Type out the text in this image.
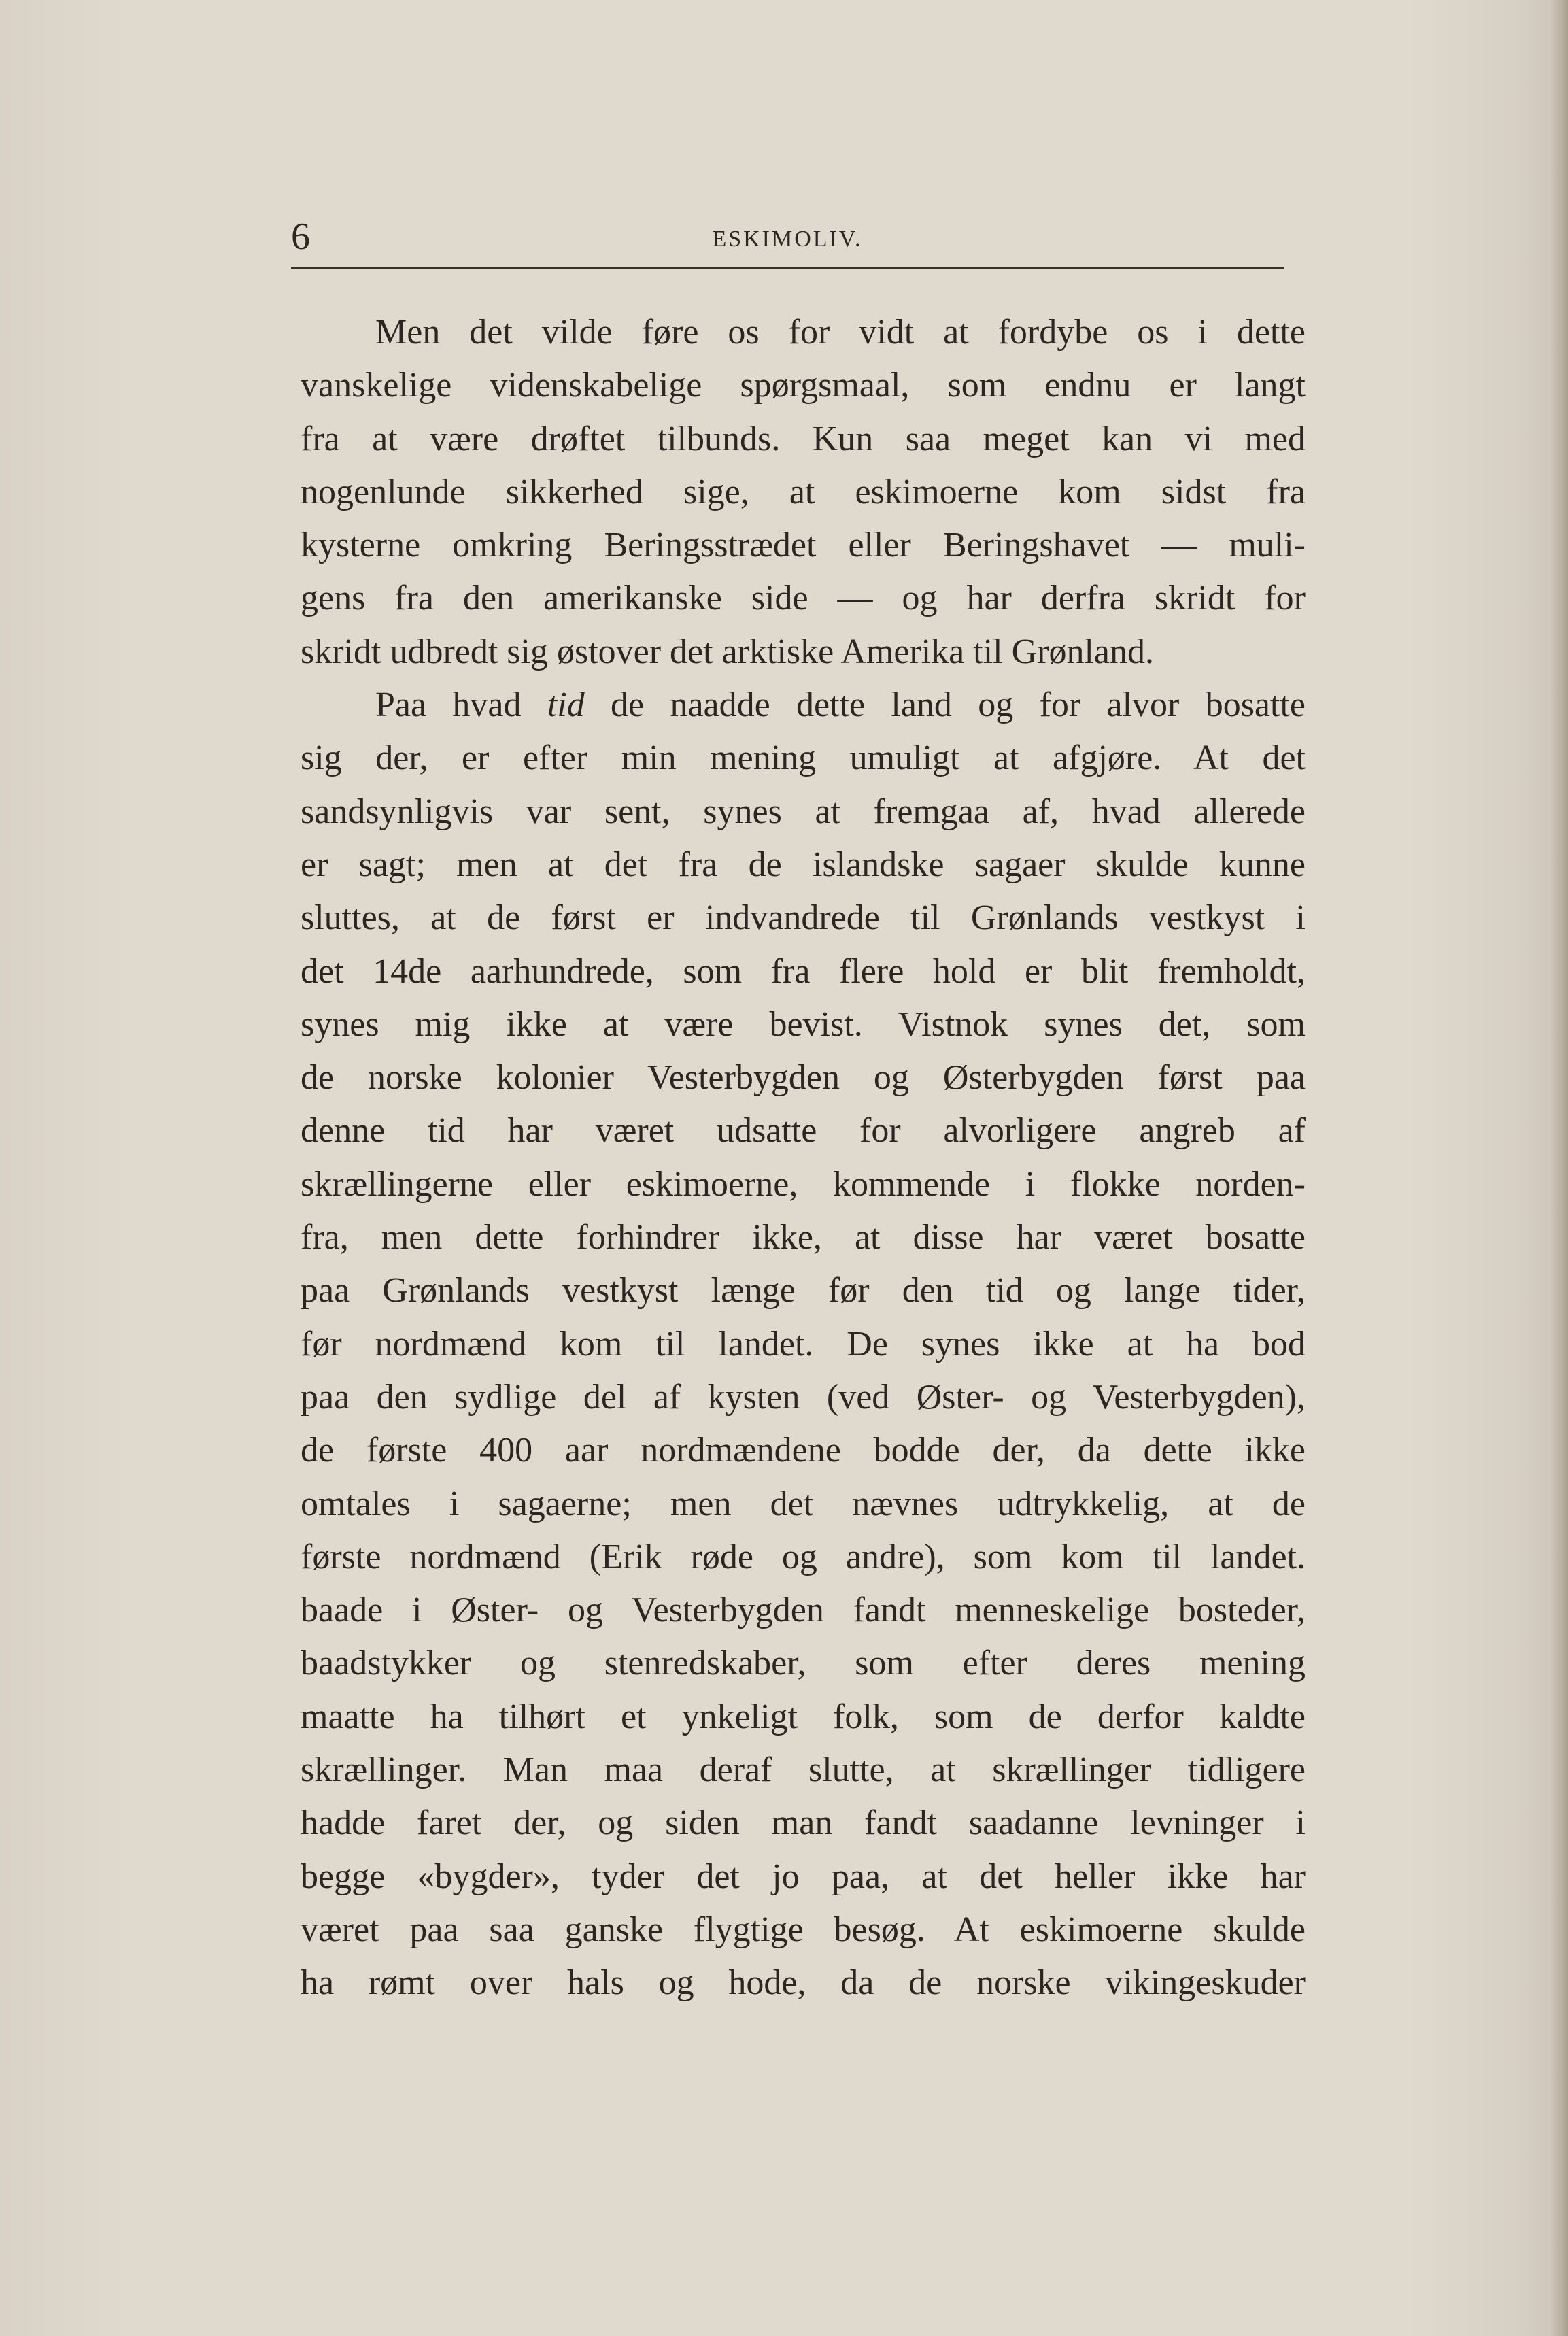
6	ESKIMOLIV.
Men det vilde føre os for vidt at fordybe os i dette
vanskelige videnskabelige spørgsmaal, som endnu er langt
fra at være drøftet tilbunds. Kun saa meget kan vi med
nogenlunde sikkerhed sige, at eskimoerne kom sidst fra
kysterne omkring Beringsstrædet eller Beringshavet — muli-
gens fra den amerikanske side — og har derfra skridt for
skridt udbredt sig østover det arktiske Amerika til Grønland.
Paa hvad tid de naadde dette land og for alvor bosatte
sig der, er efter min mening umuligt at afgjøre. At det
sandsynligvis var sent, synes at fremgaa af, hvad allerede
er sagt; men at det fra de islandske sagaer skulde kunne
sluttes, at de først er indvandrede til Grønlands vestkyst i
det 14de aarhundrede, som fra flere hold er blit fremholdt,
synes mig ikke at være bevist. Vistnok synes det, som
de norske kolonier Vesterbygden og Østerbygden først paa
denne tid har været udsatte for alvorligere angreb af
skrællingerne eller eskimoerne, kommende i flokke norden-
fra, men dette forhindrer ikke, at disse har været bosatte
paa Grønlands vestkyst længe før den tid og lange tider,
før nordmænd kom til landet. De synes ikke at ha bod
paa den sydlige del af kysten (ved Øster- og Vesterbygden),
de første 400 aar nordmændene bodde der, da dette ikke
omtales i sagaerne; men det nævnes udtrykkelig, at de
første nordmænd (Erik røde og andre), som kom til landet.
baade i Øster- og Vesterbygden fandt menneskelige bosteder,
baadstykker og stenredskaber, som efter deres mening
maatte ha tilhørt et ynkeligt folk, som de derfor kaldte
skrællinger. Man maa deraf slutte, at skrællinger tidligere
hadde faret der, og siden man fandt saadanne levninger i
begge «bygder», tyder det jo paa, at det heller ikke har
været paa saa ganske flygtige besøg. At eskimoerne skulde
ha rømt over hals og hode, da de norske vikingeskuder
